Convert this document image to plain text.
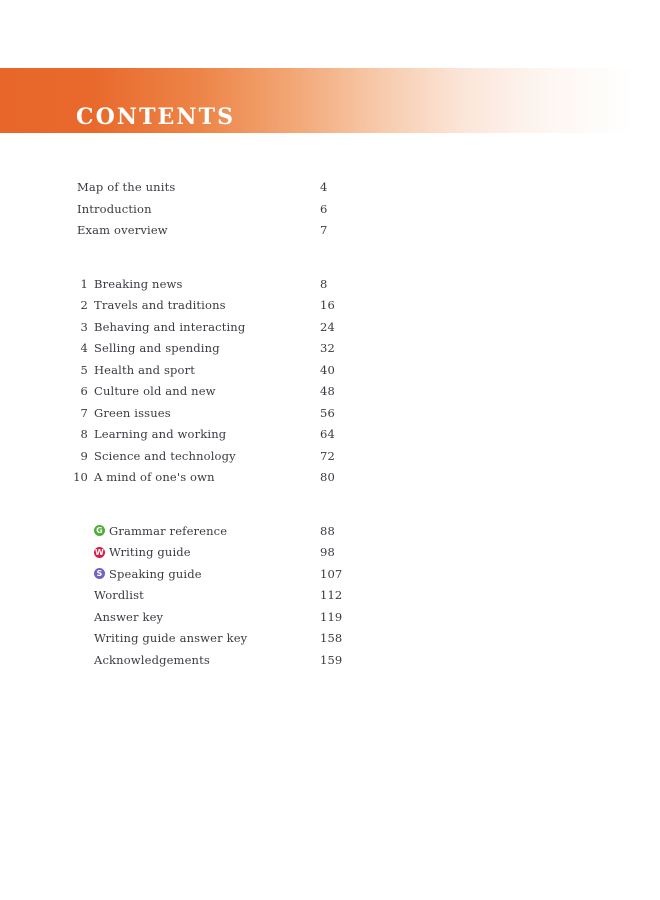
CONTENTS
Map of the units	4
Introduction	6
Exam overview	7
1 Breaking news	8
2 Travels and traditions	16
3 Behaving and interacting	24
4 Selling and spending	32
5 Health and sport	40
6 Culture old and new	48
7 Green issues	56
8 Learning and working	64
9 Science and technology	72
10 A mind of one's own	80
G Grammar reference	88
W Writing guide	98
S Speaking guide	107
Wordlist	112
Answer key	119
Writing guide answer key	158
Acknowledgements	159
